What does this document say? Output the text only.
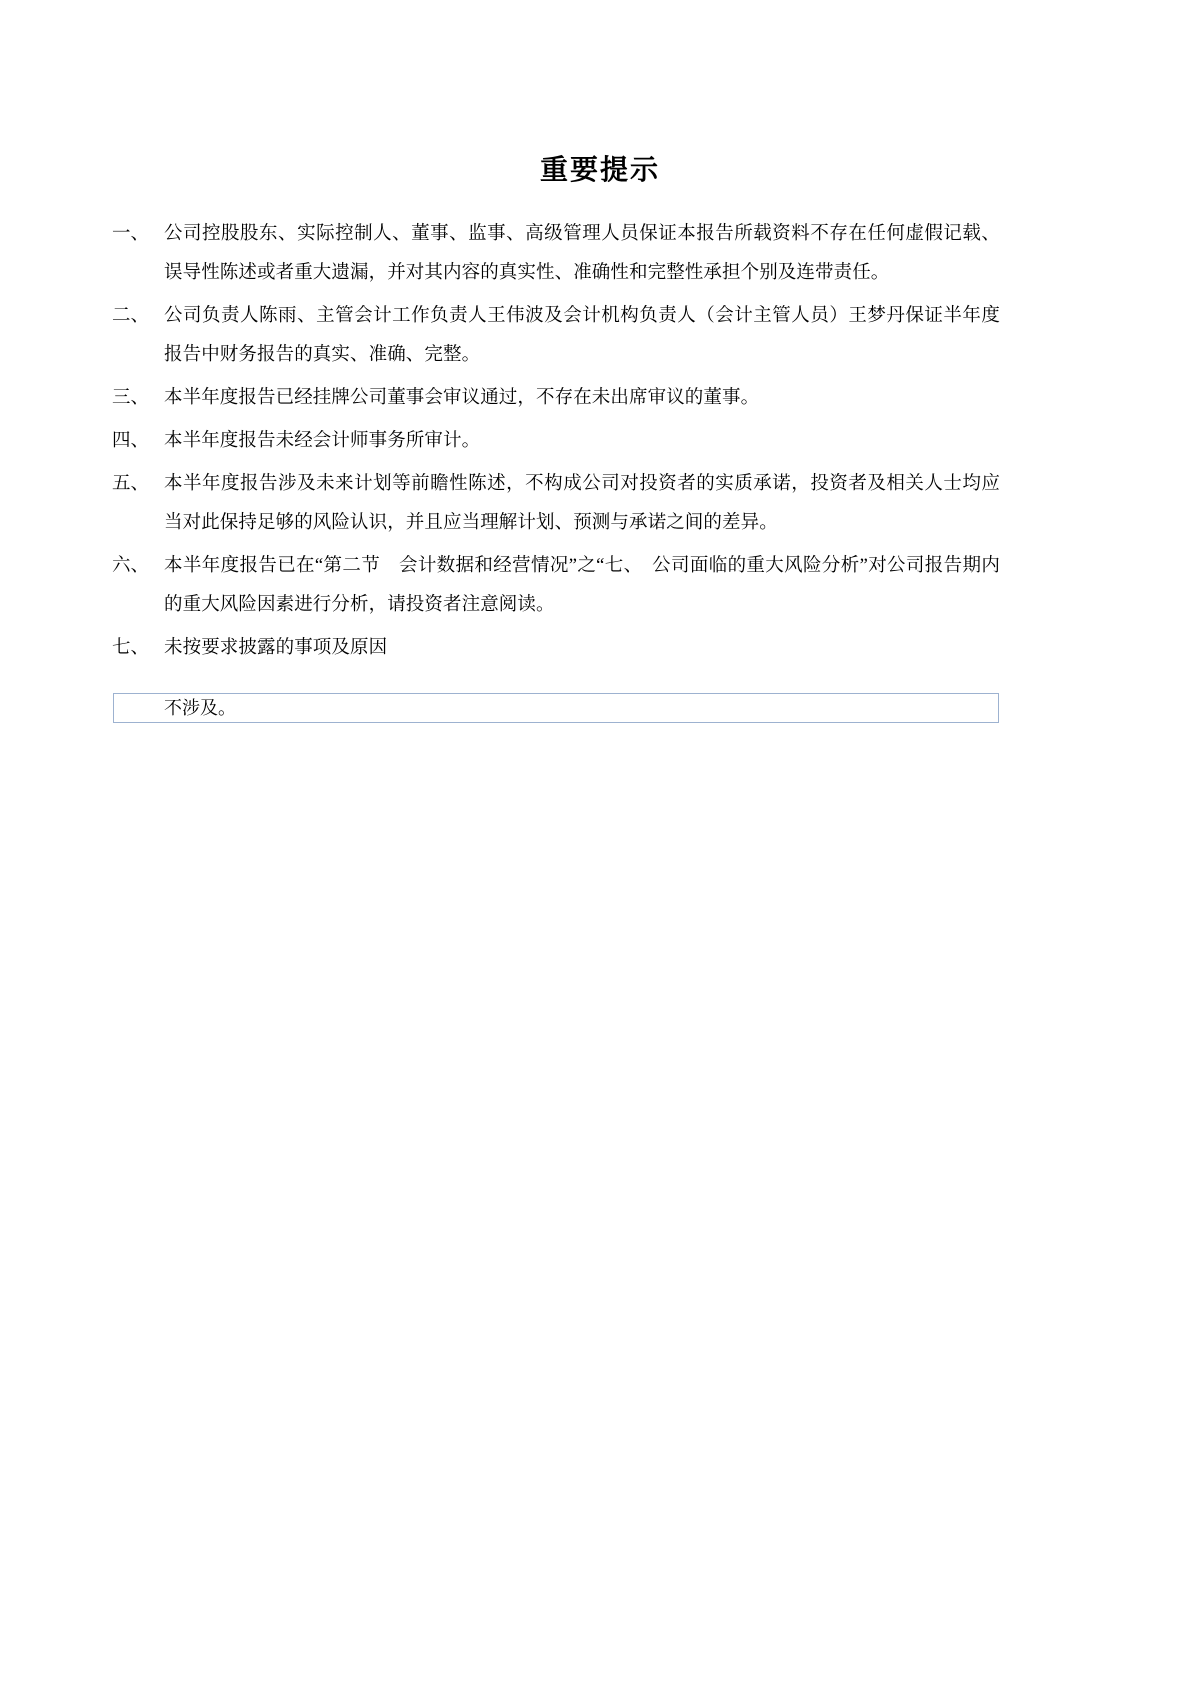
重要提示
一、 公司控股股东、实际控制人、董事、监事、高级管理人员保证本报告所载资料不存在任何虚假记载、误导性陈述或者重大遗漏，并对其内容的真实性、准确性和完整性承担个别及连带责任。
二、 公司负责人陈雨、主管会计工作负责人王伟波及会计机构负责人（会计主管人员）王梦丹保证半年度报告中财务报告的真实、准确、完整。
三、 本半年度报告已经挂牌公司董事会审议通过，不存在未出席审议的董事。
四、 本半年度报告未经会计师事务所审计。
五、 本半年度报告涉及未来计划等前瞻性陈述，不构成公司对投资者的实质承诺，投资者及相关人士均应当对此保持足够的风险认识，并且应当理解计划、预测与承诺之间的差异。
六、 本半年度报告已在“第二节　会计数据和经营情况”之“七、　公司面临的重大风险分析”对公司报告期内的重大风险因素进行分析，请投资者注意阅读。
七、 未按要求披露的事项及原因
不涉及。
